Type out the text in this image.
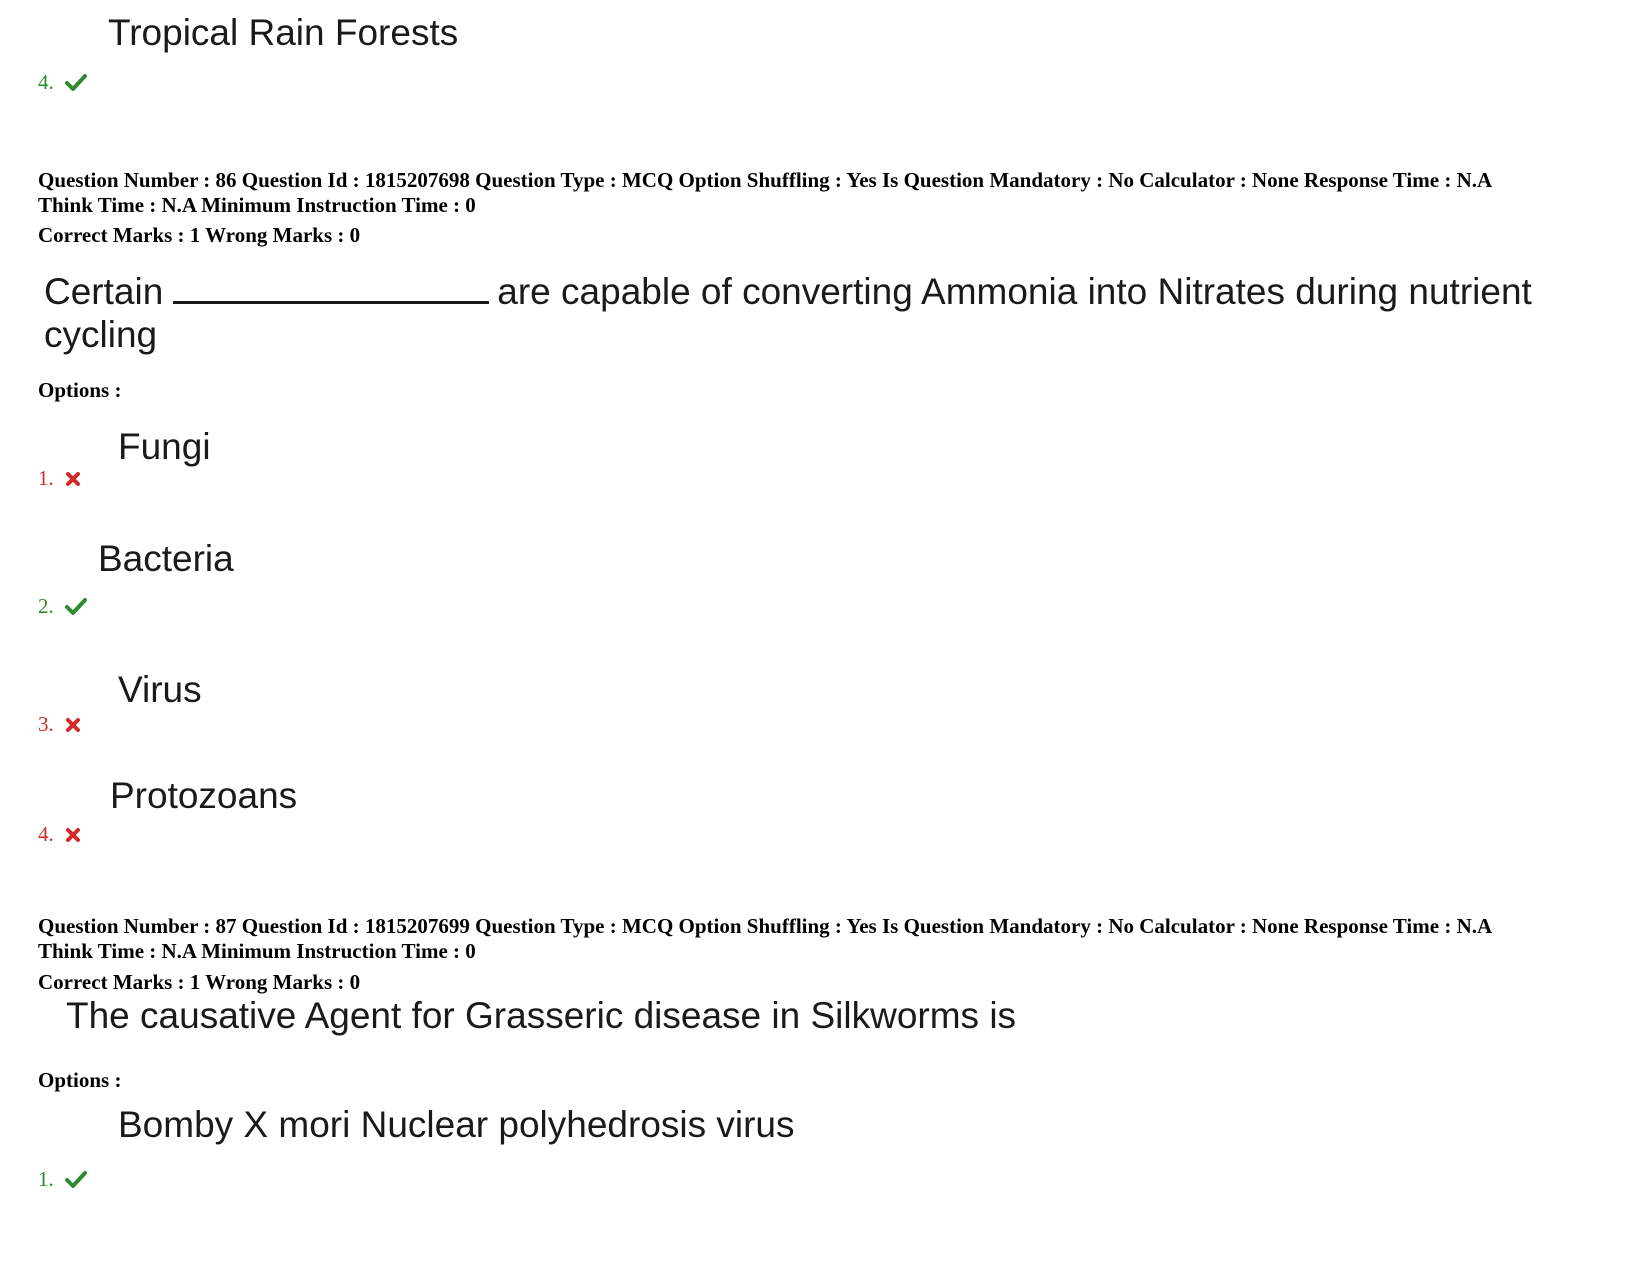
Tropical Rain Forests
4.
Question Number : 86 Question Id : 1815207698 Question Type : MCQ Option Shuffling : Yes Is Question Mandatory : No Calculator : None Response Time : N.A
Think Time : N.A Minimum Instruction Time : 0
Correct Marks : 1 Wrong Marks : 0
Certain	are capable of converting Ammonia into Nitrates during nutrient
cycling
Options :
Fungi
1.
Bacteria
2.
Virus
3.
Protozoans
4.
Question Number : 87 Question Id : 1815207699 Question Type : MCQ Option Shuffling : Yes Is Question Mandatory : No Calculator : None Response Time : N.A
Think Time : N.A Minimum Instruction Time : 0
Correct Marks : 1 Wrong Marks : 0
The causative Agent for Grasseric disease in Silkworms is
Options :
Bomby X mori Nuclear polyhedrosis virus
1.
